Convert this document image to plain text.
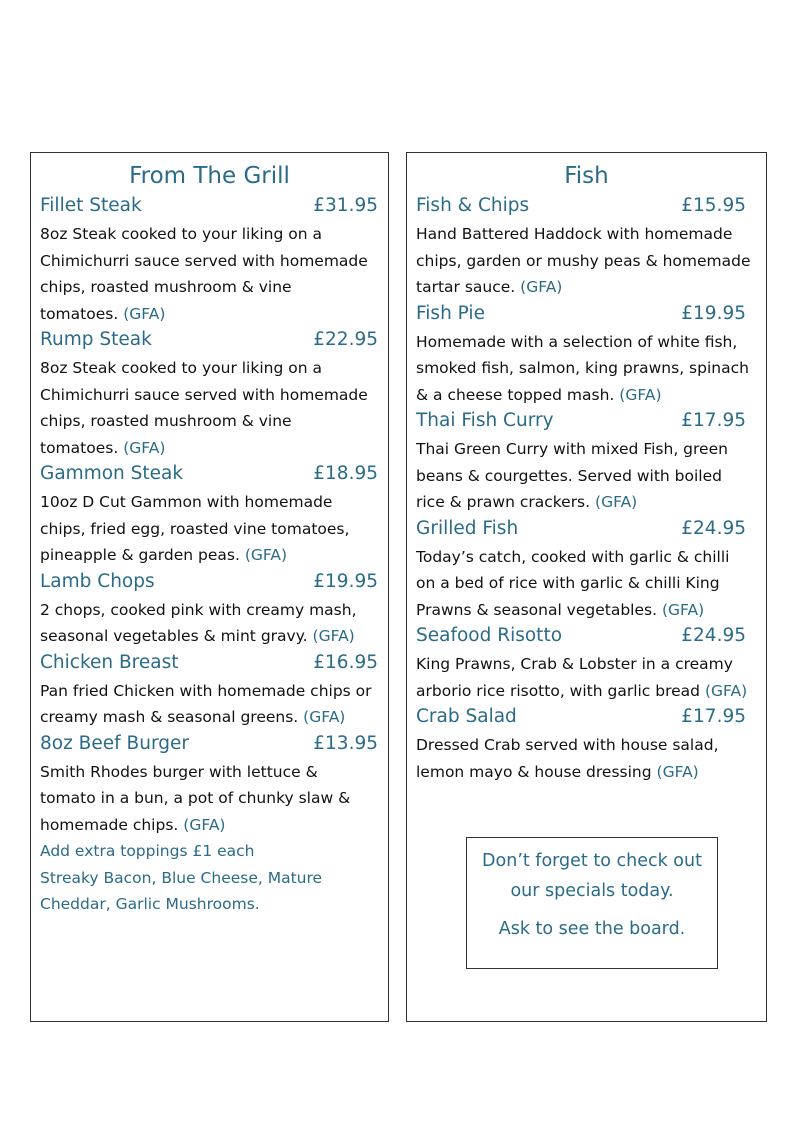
From The Grill
Fillet Steak	£31.95

8oz Steak cooked to your liking on a Chimichurri sauce served with homemade chips, roasted mushroom & vine tomatoes. (GFA)

Rump Steak	£22.95

8oz Steak cooked to your liking on a Chimichurri sauce served with homemade chips, roasted mushroom & vine tomatoes. (GFA)

Gammon Steak	£18.95

10oz D Cut Gammon with homemade chips, fried egg, roasted vine tomatoes, pineapple & garden peas. (GFA)

Lamb Chops	£19.95

2 chops, cooked pink with creamy mash, seasonal vegetables & mint gravy. (GFA)

Chicken Breast	£16.95

Pan fried Chicken with homemade chips or creamy mash & seasonal greens. (GFA)

8oz Beef Burger	£13.95

Smith Rhodes burger with lettuce & tomato in a bun, a pot of chunky slaw & homemade chips. (GFA)

Add extra toppings £1 each
Streaky Bacon, Blue Cheese, Mature Cheddar, Garlic Mushrooms.
Fish
Fish & Chips	£15.95

Hand Battered Haddock with homemade chips, garden or mushy peas & homemade tartar sauce. (GFA)

Fish Pie	£19.95

Homemade with a selection of white fish, smoked fish, salmon, king prawns, spinach & a cheese topped mash. (GFA)

Thai Fish Curry	£17.95

Thai Green Curry with mixed Fish, green beans & courgettes. Served with boiled rice & prawn crackers. (GFA)

Grilled Fish	£24.95

Today’s catch, cooked with garlic & chilli on a bed of rice with garlic & chilli King Prawns & seasonal vegetables. (GFA)

Seafood Risotto	£24.95

King Prawns, Crab & Lobster in a creamy arborio rice risotto, with garlic bread (GFA)

Crab Salad	£17.95

Dressed Crab served with house salad, lemon mayo & house dressing (GFA)

Don’t forget to check out our specials today.
Ask to see the board.
